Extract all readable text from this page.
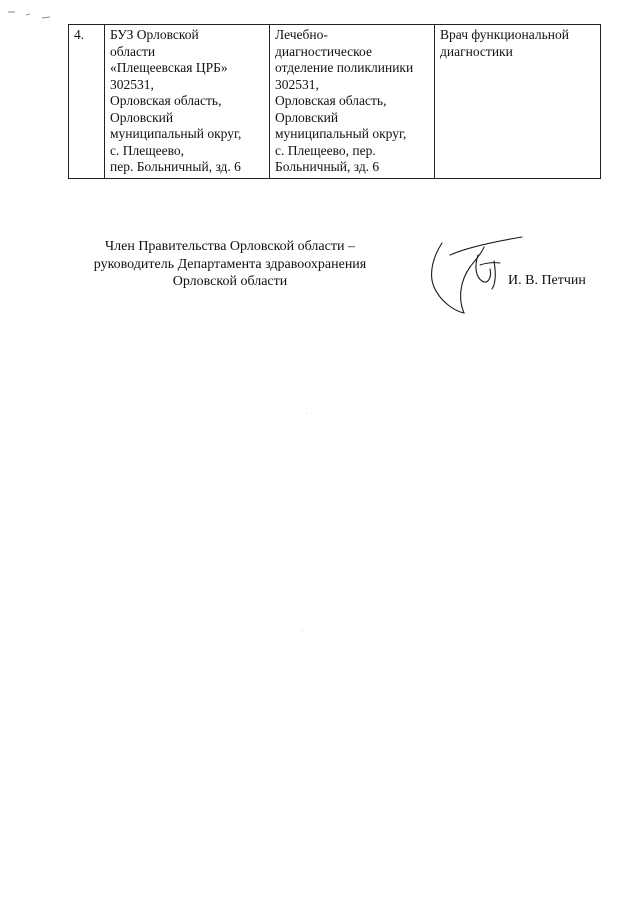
4.	БУЗ Орловской
области
«Плещеевская ЦРБ»
302531,
Орловская область,
Орловский
муниципальный округ,
с. Плещеево,
пер. Больничный, зд. 6	Лечебно-
диагностическое
отделение поликлиники
302531,
Орловская область,
Орловский
муниципальный округ,
с. Плещеево, пер.
Больничный, зд. 6	Врач функциональной
диагностики
Член Правительства Орловской области –
руководитель Департамента здравоохранения
Орловской области	И. В. Петчин
